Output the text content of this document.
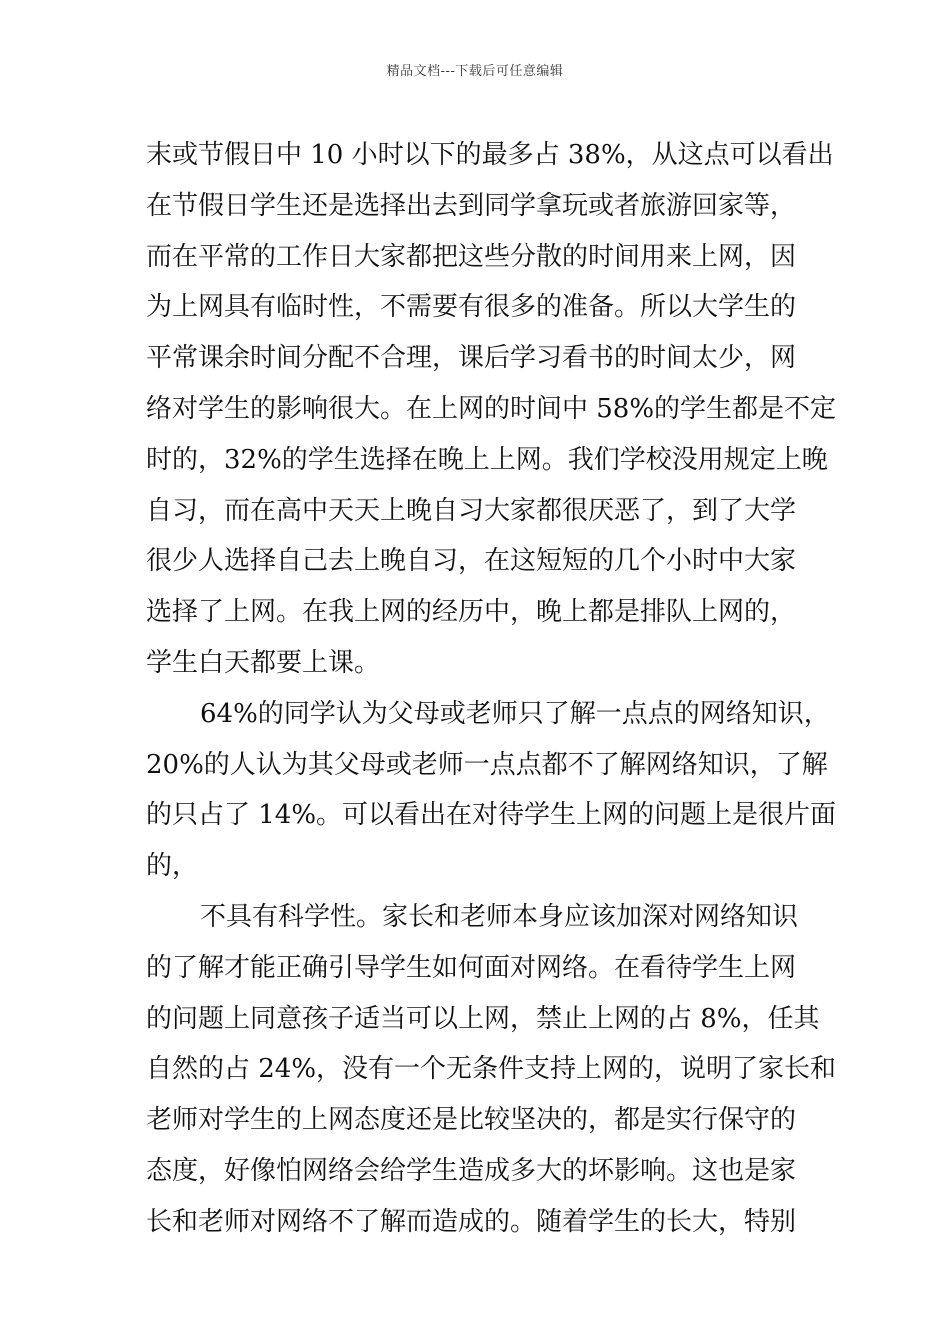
精品文档---下载后可任意编辑
末或节假日中 10 小时以下的最多占 38%，从这点可以看出
在节假日学生还是选择出去到同学拿玩或者旅游回家等，
而在平常的工作日大家都把这些分散的时间用来上网，因
为上网具有临时性，不需要有很多的准备。所以大学生的
平常课余时间分配不合理，课后学习看书的时间太少，网
络对学生的影响很大。在上网的时间中 58%的学生都是不定
时的，32%的学生选择在晚上上网。我们学校没用规定上晚
自习，而在高中天天上晚自习大家都很厌恶了，到了大学
很少人选择自己去上晚自习，在这短短的几个小时中大家
选择了上网。在我上网的经历中，晚上都是排队上网的，
学生白天都要上课。
64%的同学认为父母或老师只了解一点点的网络知识，
20%的人认为其父母或老师一点点都不了解网络知识，了解
的只占了 14%。可以看出在对待学生上网的问题上是很片面
的，
不具有科学性。家长和老师本身应该加深对网络知识
的了解才能正确引导学生如何面对网络。在看待学生上网
的问题上同意孩子适当可以上网，禁止上网的占 8%，任其
自然的占 24%，没有一个无条件支持上网的，说明了家长和
老师对学生的上网态度还是比较坚决的，都是实行保守的
态度，好像怕网络会给学生造成多大的坏影响。这也是家
长和老师对网络不了解而造成的。随着学生的长大，特别
